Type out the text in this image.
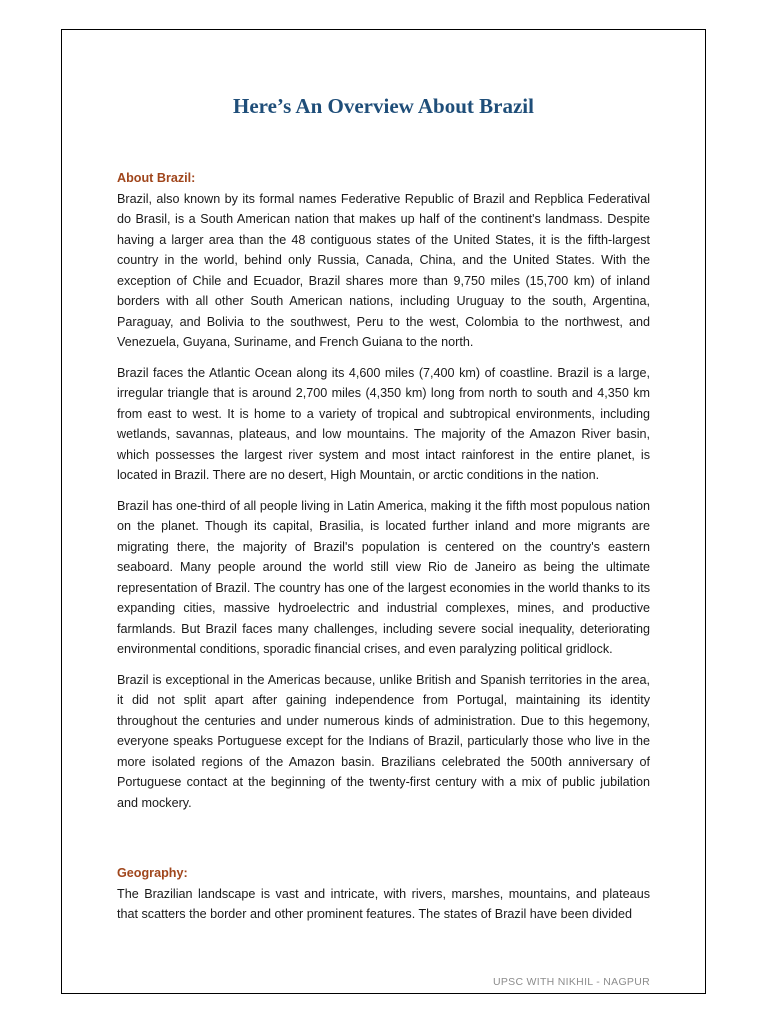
Here’s An Overview About Brazil

About Brazil:

Brazil, also known by its formal names Federative Republic of Brazil and Repblica Federatival do Brasil, is a South American nation that makes up half of the continent's landmass. Despite having a larger area than the 48 contiguous states of the United States, it is the fifth-largest country in the world, behind only Russia, Canada, China, and the United States. With the exception of Chile and Ecuador, Brazil shares more than 9,750 miles (15,700 km) of inland borders with all other South American nations, including Uruguay to the south, Argentina, Paraguay, and Bolivia to the southwest, Peru to the west, Colombia to the northwest, and Venezuela, Guyana, Suriname, and French Guiana to the north.

Brazil faces the Atlantic Ocean along its 4,600 miles (7,400 km) of coastline. Brazil is a large, irregular triangle that is around 2,700 miles (4,350 km) long from north to south and 4,350 km from east to west. It is home to a variety of tropical and subtropical environments, including wetlands, savannas, plateaus, and low mountains. The majority of the Amazon River basin, which possesses the largest river system and most intact rainforest in the entire planet, is located in Brazil. There are no desert, High Mountain, or arctic conditions in the nation.

Brazil has one-third of all people living in Latin America, making it the fifth most populous nation on the planet. Though its capital, Brasilia, is located further inland and more migrants are migrating there, the majority of Brazil's population is centered on the country's eastern seaboard. Many people around the world still view Rio de Janeiro as being the ultimate representation of Brazil. The country has one of the largest economies in the world thanks to its expanding cities, massive hydroelectric and industrial complexes, mines, and productive farmlands. But Brazil faces many challenges, including severe social inequality, deteriorating environmental conditions, sporadic financial crises, and even paralyzing political gridlock.

Brazil is exceptional in the Americas because, unlike British and Spanish territories in the area, it did not split apart after gaining independence from Portugal, maintaining its identity throughout the centuries and under numerous kinds of administration. Due to this hegemony, everyone speaks Portuguese except for the Indians of Brazil, particularly those who live in the more isolated regions of the Amazon basin. Brazilians celebrated the 500th anniversary of Portuguese contact at the beginning of the twenty-first century with a mix of public jubilation and mockery.

Geography:

The Brazilian landscape is vast and intricate, with rivers, marshes, mountains, and plateaus that scatters the border and other prominent features. The states of Brazil have been divided

UPSC WITH NIKHIL - NAGPUR
